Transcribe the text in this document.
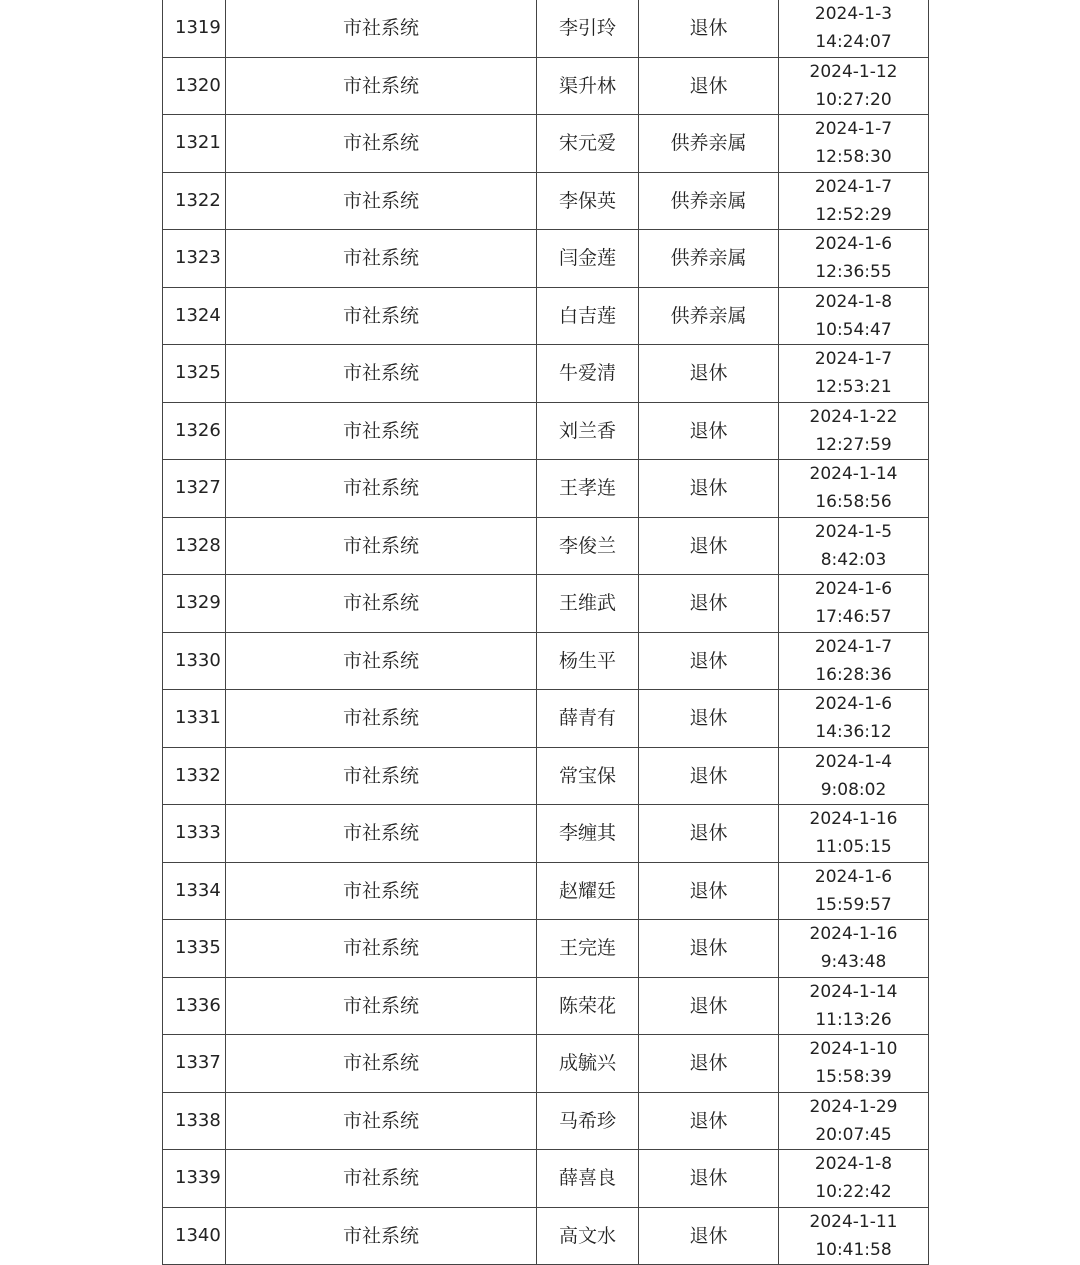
1319	市社系统	李引玲	退休	2024-1-3
14:24:07

1320	市社系统	渠升林	退休	2024-1-12
10:27:20

1321	市社系统	宋元爱	供养亲属	2024-1-7
12:58:30

1322	市社系统	李保英	供养亲属	2024-1-7
12:52:29

1323	市社系统	闫金莲	供养亲属	2024-1-6
12:36:55

1324	市社系统	白吉莲	供养亲属	2024-1-8
10:54:47

1325	市社系统	牛爱清	退休	2024-1-7
12:53:21

1326	市社系统	刘兰香	退休	2024-1-22
12:27:59

1327	市社系统	王孝连	退休	2024-1-14
16:58:56

1328	市社系统	李俊兰	退休	2024-1-5
8:42:03

1329	市社系统	王维武	退休	2024-1-6
17:46:57

1330	市社系统	杨生平	退休	2024-1-7
16:28:36

1331	市社系统	薛青有	退休	2024-1-6
14:36:12

1332	市社系统	常宝保	退休	2024-1-4
9:08:02

1333	市社系统	李缠其	退休	2024-1-16
11:05:15

1334	市社系统	赵耀廷	退休	2024-1-6
15:59:57

1335	市社系统	王完连	退休	2024-1-16
9:43:48

1336	市社系统	陈荣花	退休	2024-1-14
11:13:26

1337	市社系统	成毓兴	退休	2024-1-10
15:58:39

1338	市社系统	马希珍	退休	2024-1-29
20:07:45

1339	市社系统	薛喜良	退休	2024-1-8
10:22:42

1340	市社系统	高文水	退休	2024-1-11
10:41:58
